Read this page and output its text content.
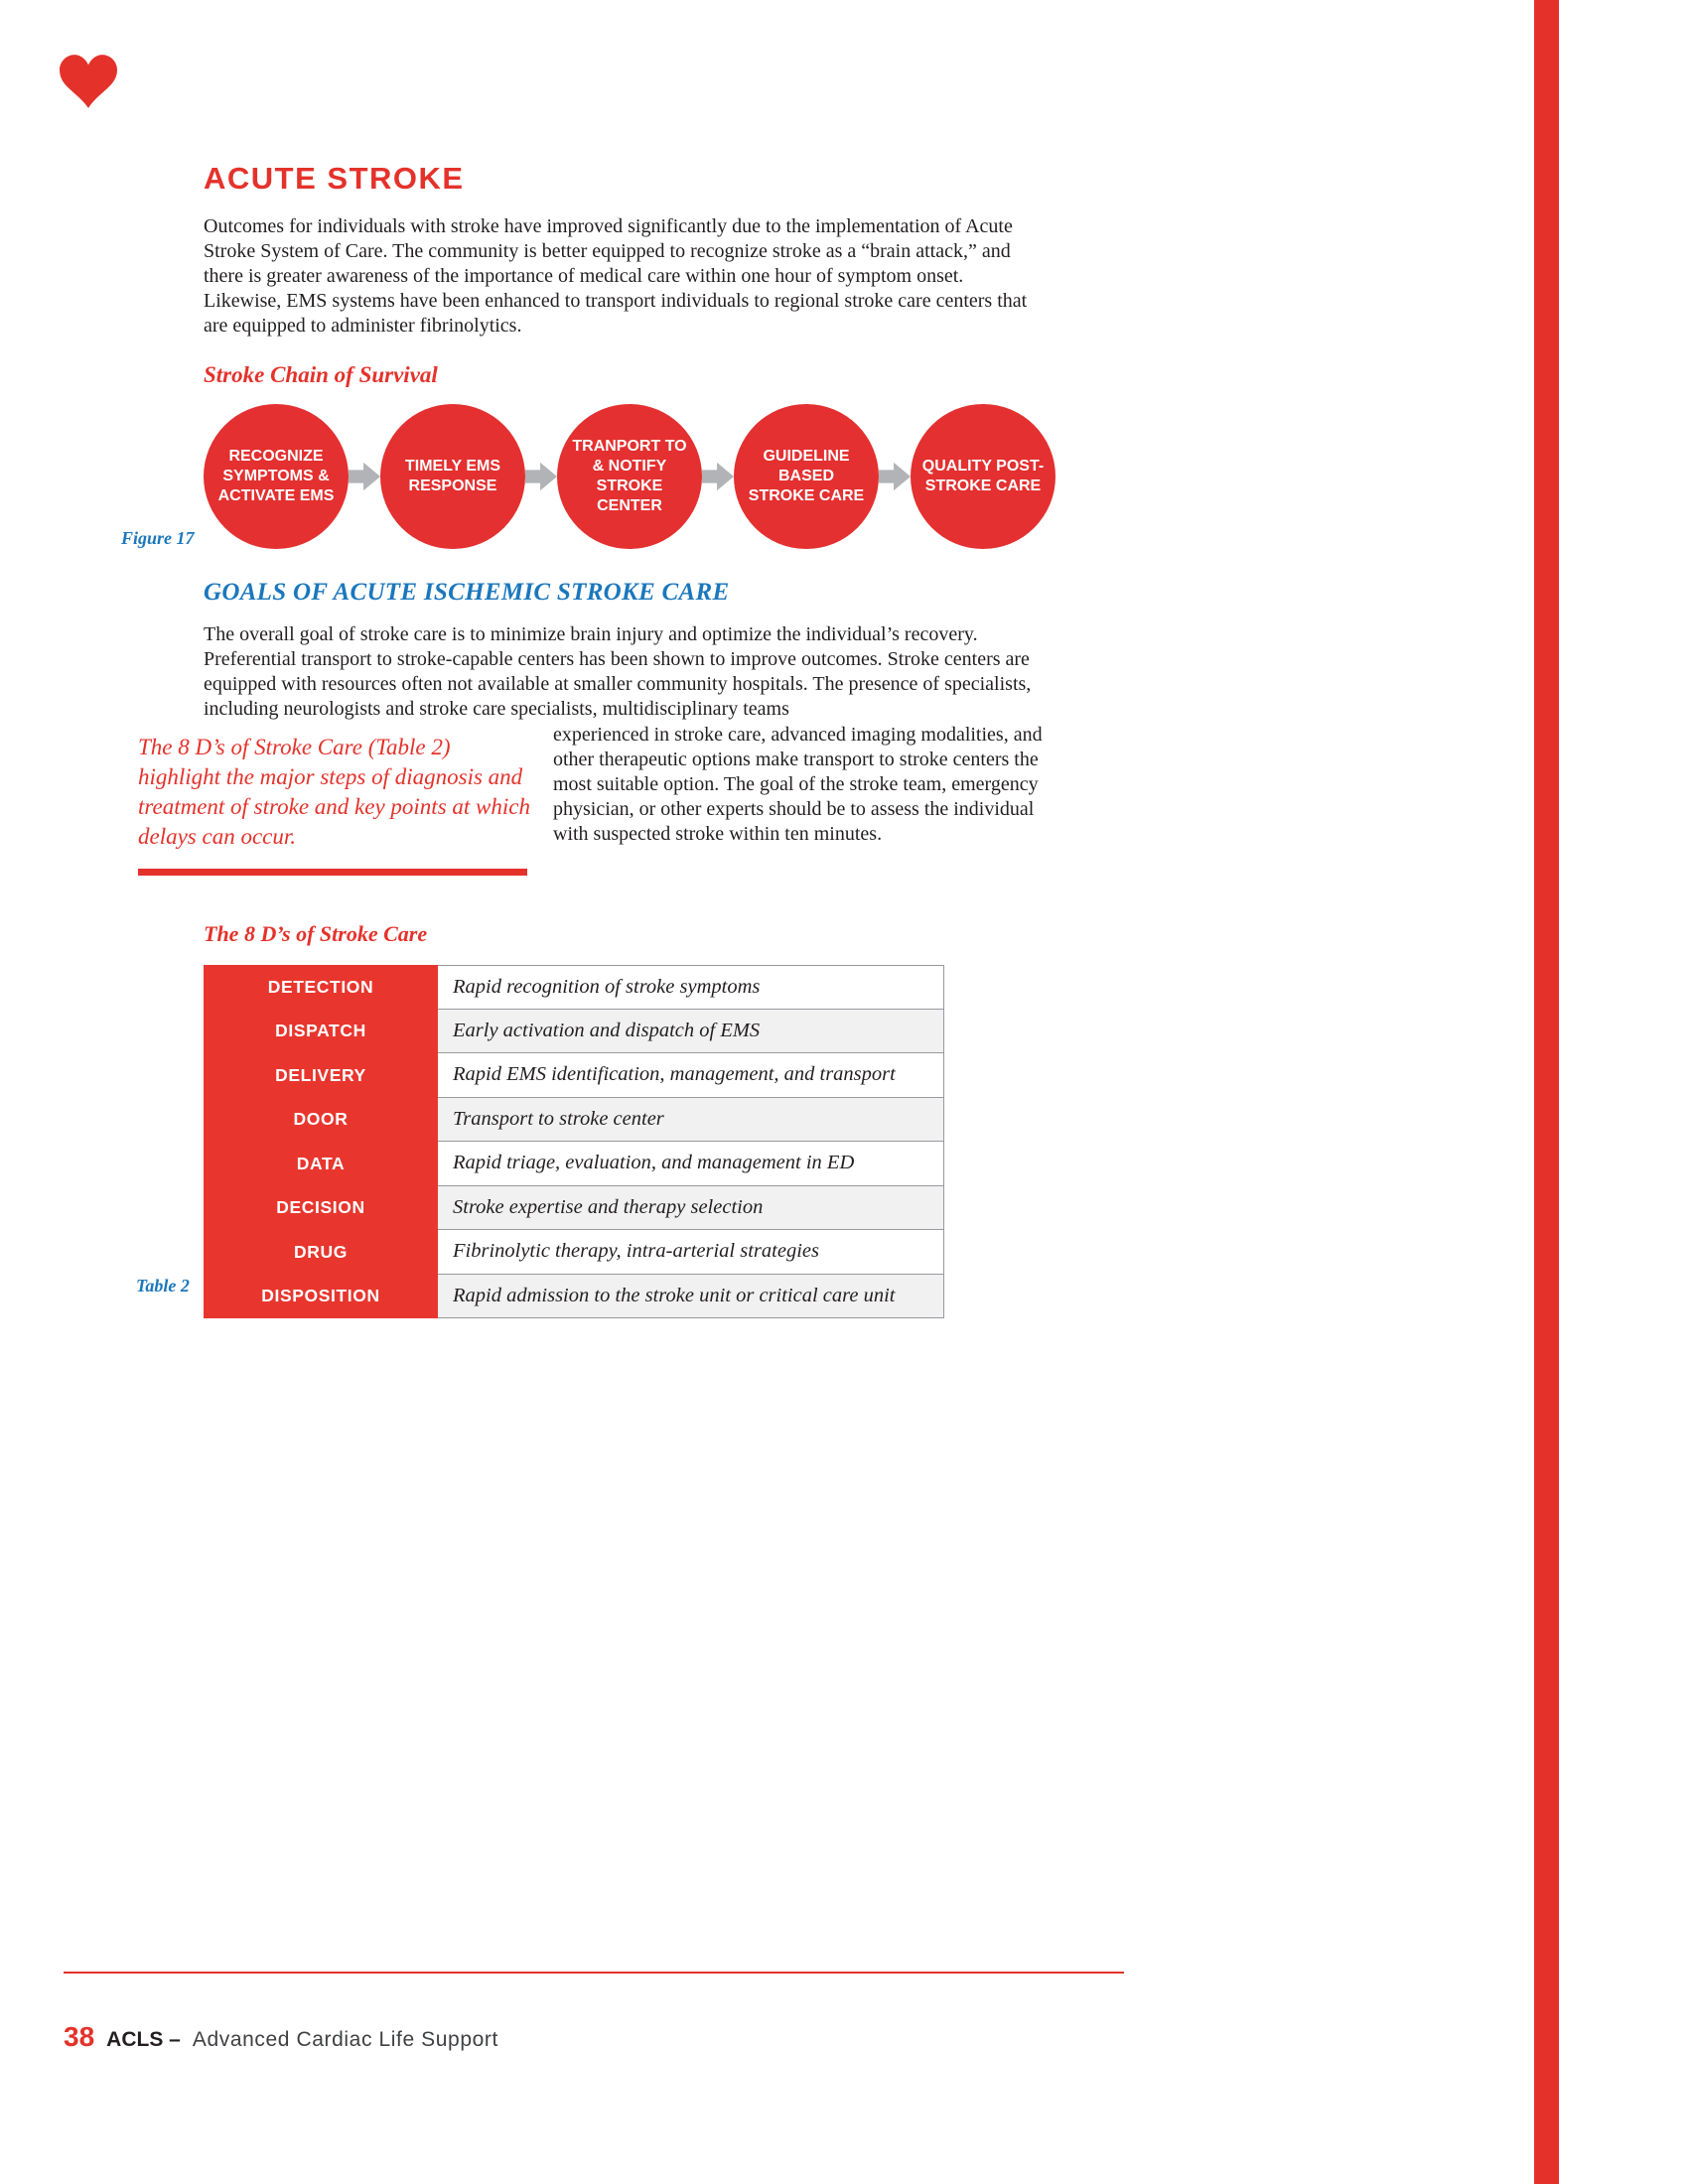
ACUTE STROKE

Outcomes for individuals with stroke have improved significantly due to the implementation of Acute Stroke System of Care. The community is better equipped to recognize stroke as a “brain attack,” and there is greater awareness of the importance of medical care within one hour of symptom onset. Likewise, EMS systems have been enhanced to transport individuals to regional stroke care centers that are equipped to administer fibrinolytics.

Stroke Chain of Survival
RECOGNIZE SYMPTOMS & ACTIVATE EMS
TIMELY EMS RESPONSE
TRANPORT TO & NOTIFY STROKE CENTER
GUIDELINE BASED STROKE CARE
QUALITY POST-STROKE CARE
GOALS OF ACUTE ISCHEMIC STROKE CARE

The overall goal of stroke care is to minimize brain injury and optimize the individual’s recovery. Preferential transport to stroke-capable centers has been shown to improve outcomes. Stroke centers are equipped with resources often not available at smaller community hospitals. The presence of specialists, including neurologists and stroke care specialists, multidisciplinary teams

The 8 D’s of Stroke Care (Table 2) highlight the major steps of diagnosis and treatment of stroke and key points at which delays can occur.

experienced in stroke care, advanced imaging modalities, and other therapeutic options make transport to stroke centers the most suitable option. The goal of the stroke team, emergency physician, or other experts should be to assess the individual with suspected stroke within ten minutes.

The 8 D’s of Stroke Care
DETECTION	Rapid recognition of stroke symptoms
DISPATCH	Early activation and dispatch of EMS
DELIVERY	Rapid EMS identification, management, and transport
DOOR	Transport to stroke center
DATA	Rapid triage, evaluation, and management in ED
DECISION	Stroke expertise and therapy selection
DRUG	Fibrinolytic therapy, intra-arterial strategies
DISPOSITION	Rapid admission to the stroke unit or critical care unit
Figure 17
Table 2
38 ACLS – Advanced Cardiac Life Support
